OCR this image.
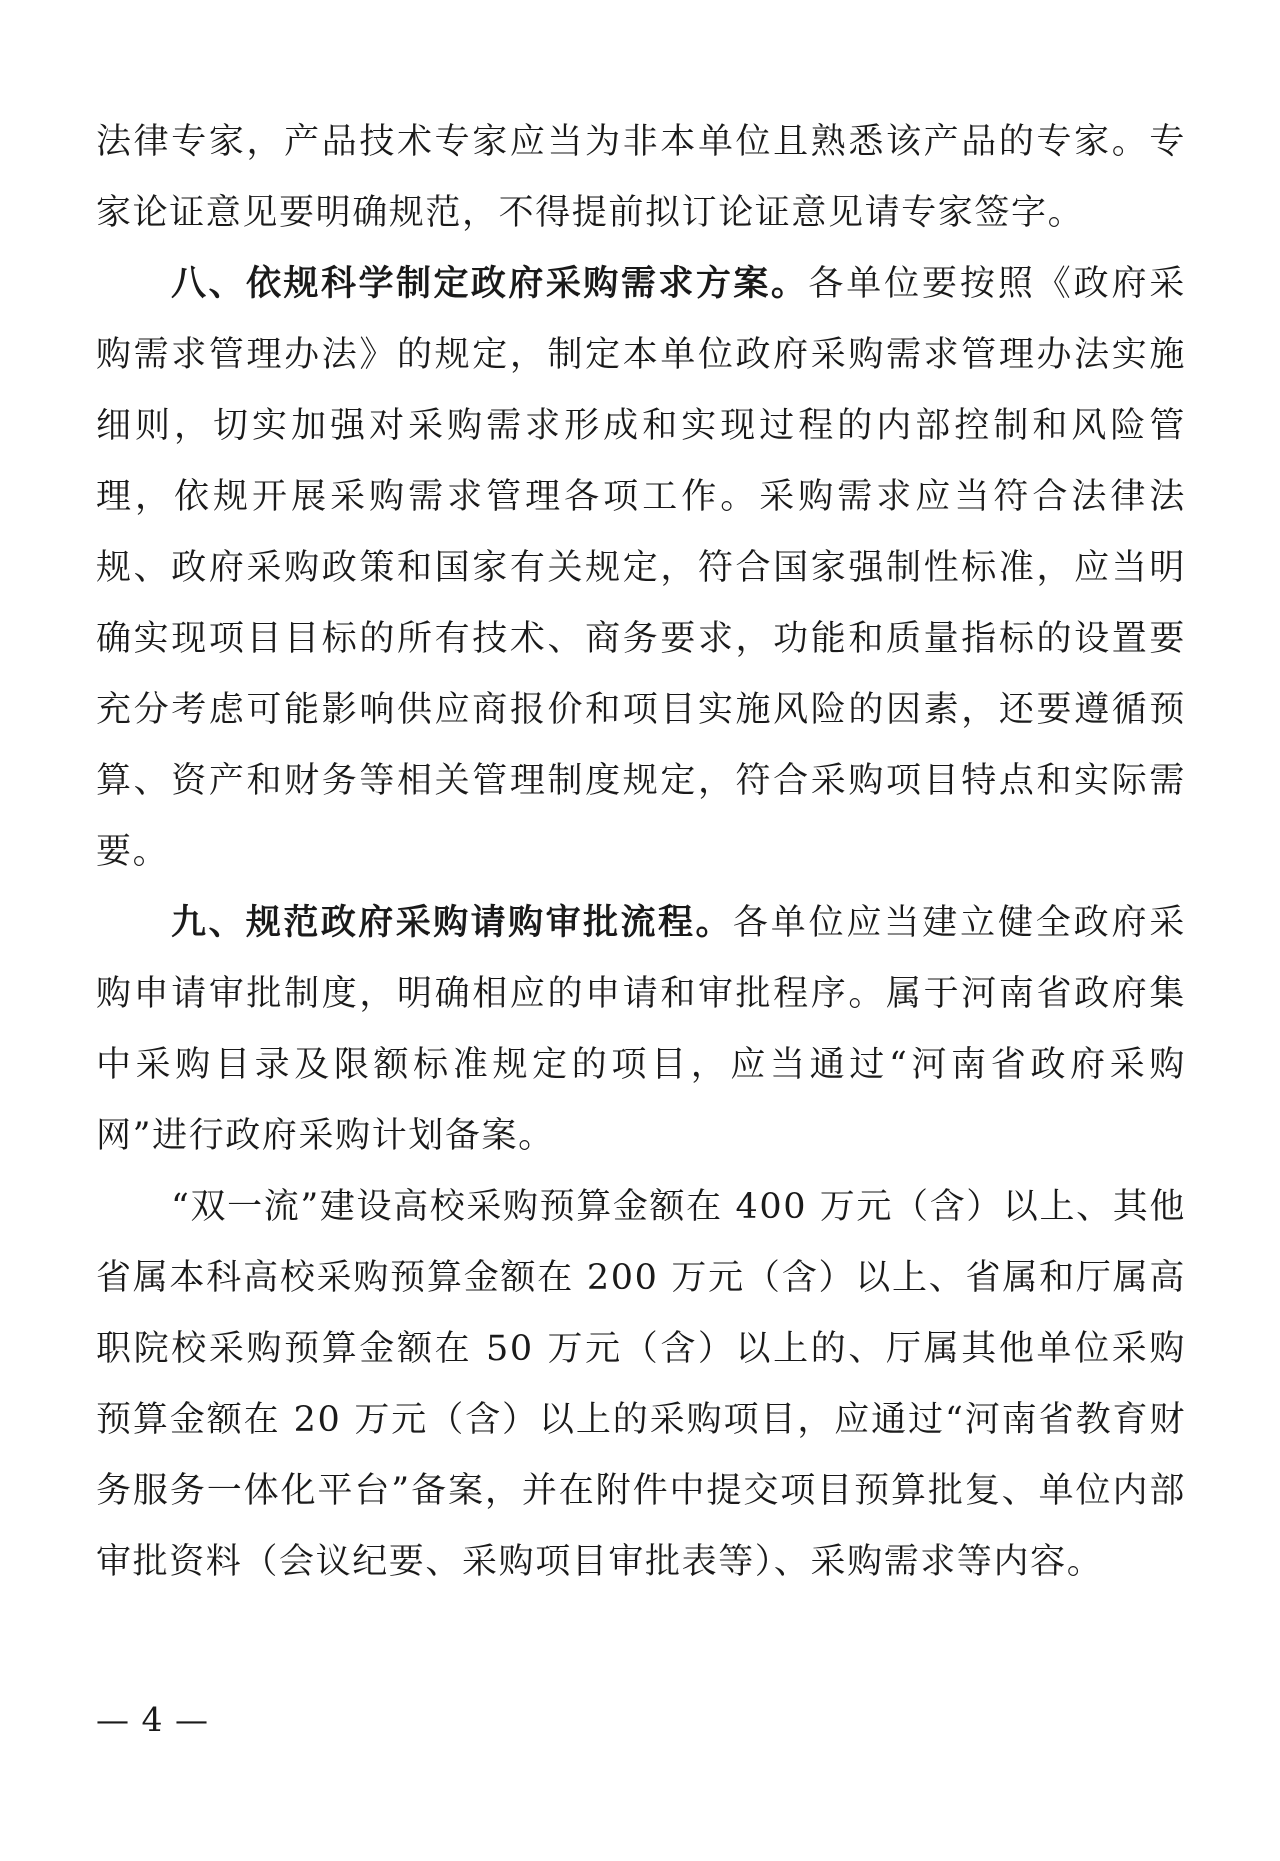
法律专家，产品技术专家应当为非本单位且熟悉该产品的专家。专家论证意见要明确规范，不得提前拟订论证意见请专家签字。

八、依规科学制定政府采购需求方案。各单位要按照《政府采购需求管理办法》的规定，制定本单位政府采购需求管理办法实施细则，切实加强对采购需求形成和实现过程的内部控制和风险管理，依规开展采购需求管理各项工作。采购需求应当符合法律法规、政府采购政策和国家有关规定，符合国家强制性标准，应当明确实现项目目标的所有技术、商务要求，功能和质量指标的设置要充分考虑可能影响供应商报价和项目实施风险的因素，还要遵循预算、资产和财务等相关管理制度规定，符合采购项目特点和实际需要。

九、规范政府采购请购审批流程。各单位应当建立健全政府采购申请审批制度，明确相应的申请和审批程序。属于河南省政府集中采购目录及限额标准规定的项目，应当通过“河南省政府采购网”进行政府采购计划备案。

“双一流”建设高校采购预算金额在 400 万元（含）以上、其他省属本科高校采购预算金额在 200 万元（含）以上、省属和厅属高职院校采购预算金额在 50 万元（含）以上的、厅属其他单位采购预算金额在 20 万元（含）以上的采购项目，应通过“河南省教育财务服务一体化平台”备案，并在附件中提交项目预算批复、单位内部审批资料（会议纪要、采购项目审批表等）、采购需求等内容。

— 4 —
